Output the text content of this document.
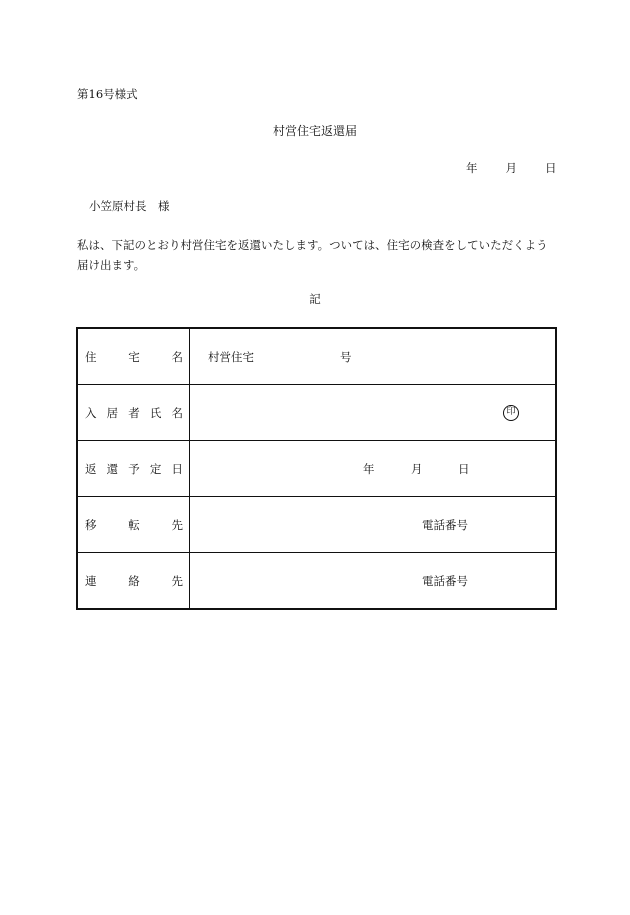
第16号様式
村営住宅返還届
年 月 日
小笠原村長　様
私は、下記のとおり村営住宅を返還いたします。ついては、住宅の検査をしていただくよう届け出ます。
記
住 宅 名	村営住宅 号

入 居 者 氏 名	印

返 還 予 定 日	年 月 日

移 転 先	電話番号

連 絡 先	電話番号
